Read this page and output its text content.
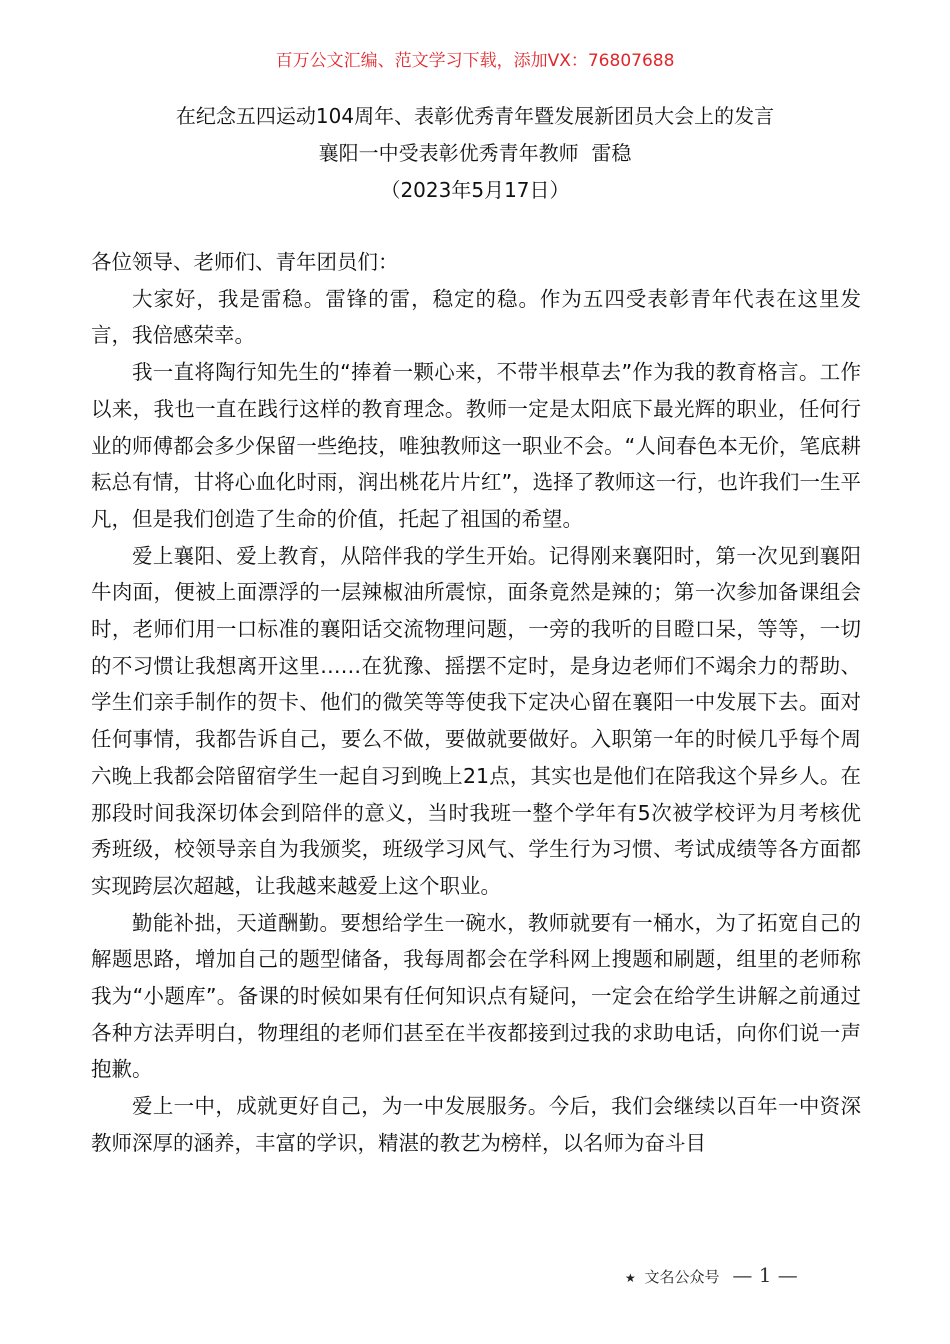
百万公文汇编、范文学习下载，添加VX：76807688
在纪念五四运动104周年、表彰优秀青年暨发展新团员大会上的发言
襄阳一中受表彰优秀青年教师  雷稳
（2023年5月17日）

各位领导、老师们、青年团员们：

大家好，我是雷稳。雷锋的雷，稳定的稳。作为五四受表彰青年代表在这里发言，我倍感荣幸。

我一直将陶行知先生的“捧着一颗心来，不带半根草去”作为我的教育格言。工作以来，我也一直在践行这样的教育理念。教师一定是太阳底下最光辉的职业，任何行业的师傅都会多少保留一些绝技，唯独教师这一职业不会。“人间春色本无价，笔底耕耘总有情，甘将心血化时雨，润出桃花片片红”，选择了教师这一行，也许我们一生平凡，但是我们创造了生命的价值，托起了祖国的希望。

爱上襄阳、爱上教育，从陪伴我的学生开始。记得刚来襄阳时，第一次见到襄阳牛肉面，便被上面漂浮的一层辣椒油所震惊，面条竟然是辣的；第一次参加备课组会时，老师们用一口标准的襄阳话交流物理问题，一旁的我听的目瞪口呆，等等，一切的不习惯让我想离开这里……在犹豫、摇摆不定时，是身边老师们不竭余力的帮助、学生们亲手制作的贺卡、他们的微笑等等使我下定决心留在襄阳一中发展下去。面对任何事情，我都告诉自己，要么不做，要做就要做好。入职第一年的时候几乎每个周六晚上我都会陪留宿学生一起自习到晚上21点，其实也是他们在陪我这个异乡人。在那段时间我深切体会到陪伴的意义，当时我班一整个学年有5次被学校评为月考核优秀班级，校领导亲自为我颁奖，班级学习风气、学生行为习惯、考试成绩等各方面都实现跨层次超越，让我越来越爱上这个职业。

勤能补拙，天道酬勤。要想给学生一碗水，教师就要有一桶水，为了拓宽自己的解题思路，增加自己的题型储备，我每周都会在学科网上搜题和刷题，组里的老师称我为“小题库”。备课的时候如果有任何知识点有疑问，一定会在给学生讲解之前通过各种方法弄明白，物理组的老师们甚至在半夜都接到过我的求助电话，向你们说一声抱歉。

爱上一中，成就更好自己，为一中发展服务。今后，我们会继续以百年一中资深教师深厚的涵养，丰富的学识，精湛的教艺为榜样，以名师为奋斗目

★ 文名公众号 — 1 —
